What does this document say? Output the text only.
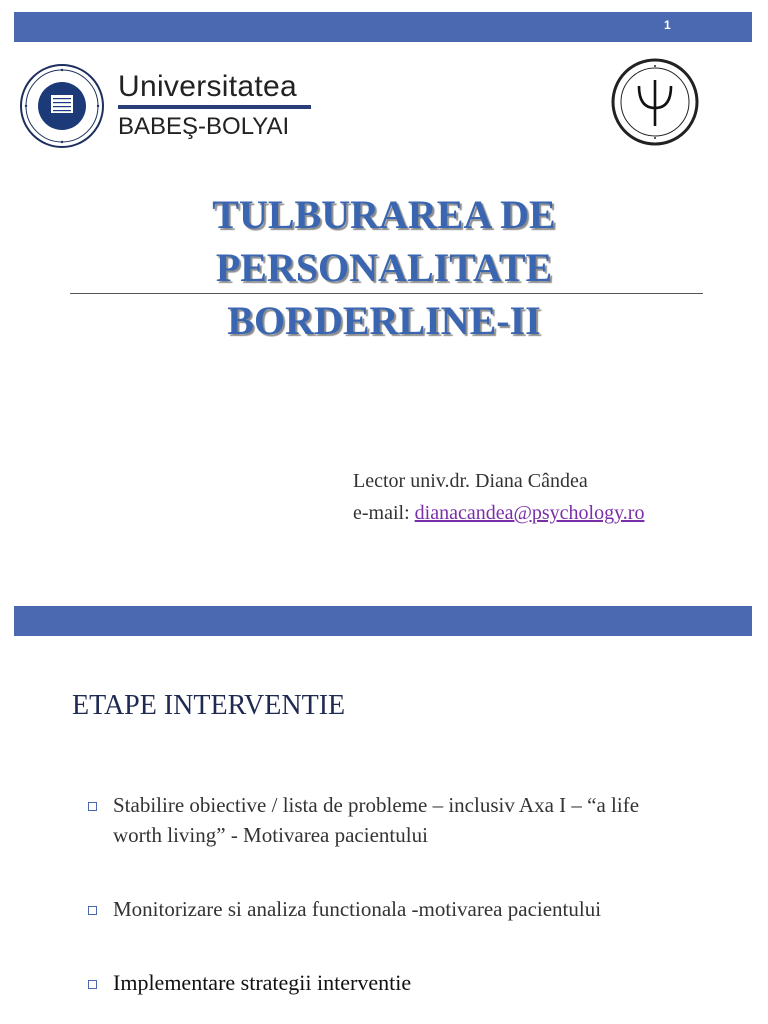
1
Universitatea
BABEŞ-BOLYAI
TULBURAREA DE
PERSONALITATE
BORDERLINE-II
Lector univ.dr. Diana Cândea
e-mail: dianacandea@psychology.ro
ETAPE INTERVENTIE
Stabilire obiective / lista de probleme – inclusiv Axa I – “a life worth living” - Motivarea pacientului
Monitorizare si analiza functionala -motivarea pacientului
Implementare strategii interventie
